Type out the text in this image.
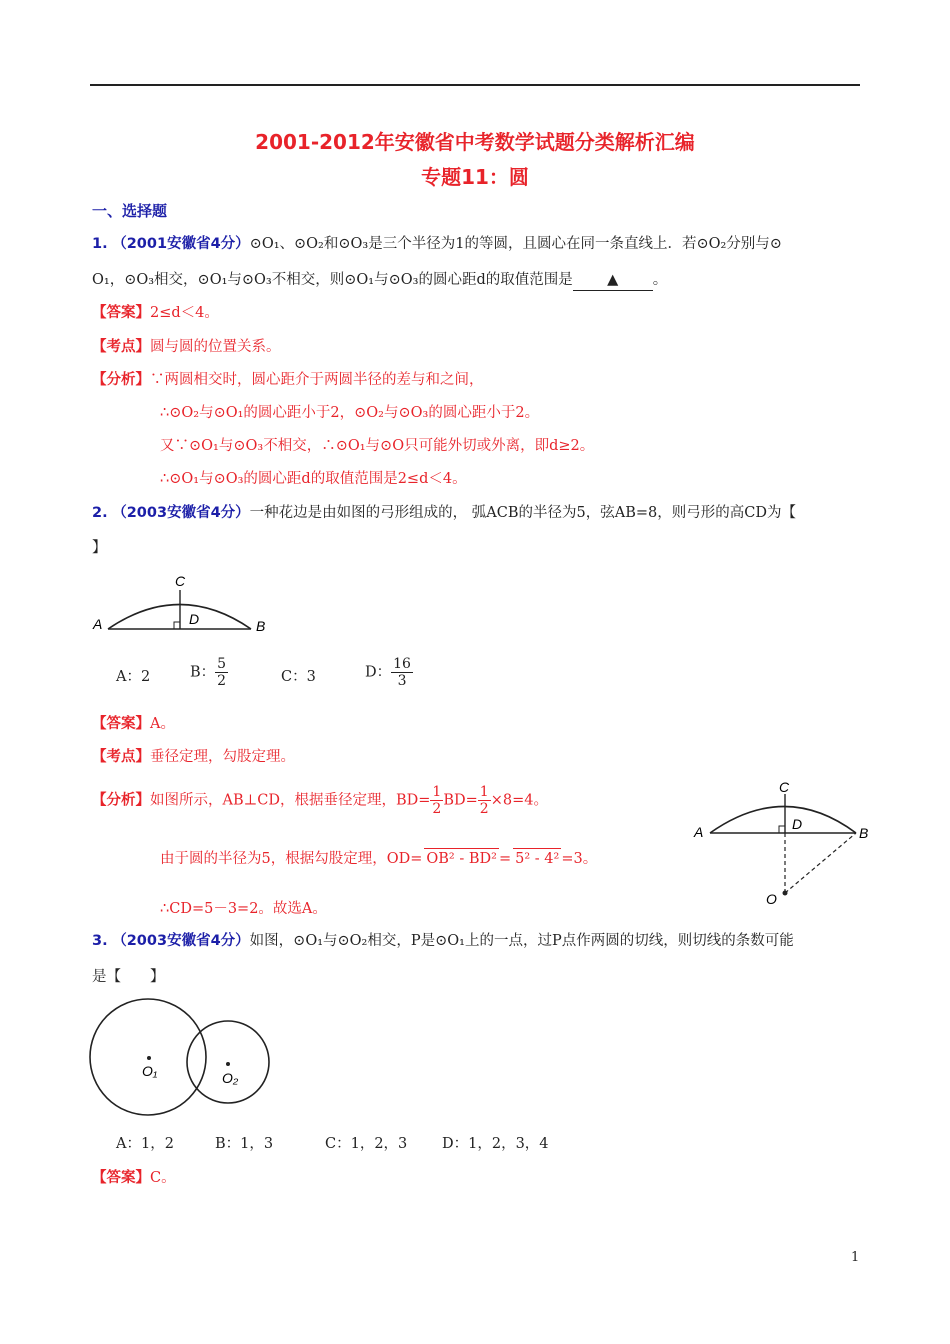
2001-2012年安徽省中考数学试题分类解析汇编
专题11：圆
一、选择题
1. （2001安徽省4分）⊙O₁、⊙O₂和⊙O₃是三个半径为1的等圆，且圆心在同一条直线上．若⊙O₂分别与⊙
O₁，⊙O₃相交，⊙O₁与⊙O₃不相交，则⊙O₁与⊙O₃的圆心距d的取值范围是 ▲ 。
【答案】2≤d＜4。
【考点】圆与圆的位置关系。
【分析】∵两圆相交时，圆心距介于两圆半径的差与和之间，
∴⊙O₂与⊙O₁的圆心距小于2，⊙O₂与⊙O₃的圆心距小于2。
又∵⊙O₁与⊙O₃不相交，∴⊙O₁与⊙O只可能外切或外离，即d≥2。
∴⊙O₁与⊙O₃的圆心距d的取值范围是2≤d＜4。
2. （2003安徽省4分）一种花边是由如图的弓形组成的， 弧ACB的半径为5，弦AB=8，则弓形的高CD为【
】
A	B
C
D
A：2	B： $\frac{5}{2}$	C：3	D： $\frac{16}{3}$
【答案】A。
【考点】垂径定理，勾股定理。
【分析】如图所示，AB⊥CD，根据垂径定理，$BD= \frac{1}{2} BD= \frac{1}{2} \times 8=4$。
由于圆的半径为5，根据勾股定理，OD= OB² - BD² = 5² - 4² =3。
∴CD=5－3=2。故选A。
A	B
C
D
O
3. （2003安徽省4分）如图，⊙O₁与⊙O₂相交，P是⊙O₁上的一点，过P点作两圆的切线，则切线的条数可能
是【　　】
O₁	O₂
A：1，2	B：1，3	C：1，2，3 D：1，2，3，4
【答案】C。
1
